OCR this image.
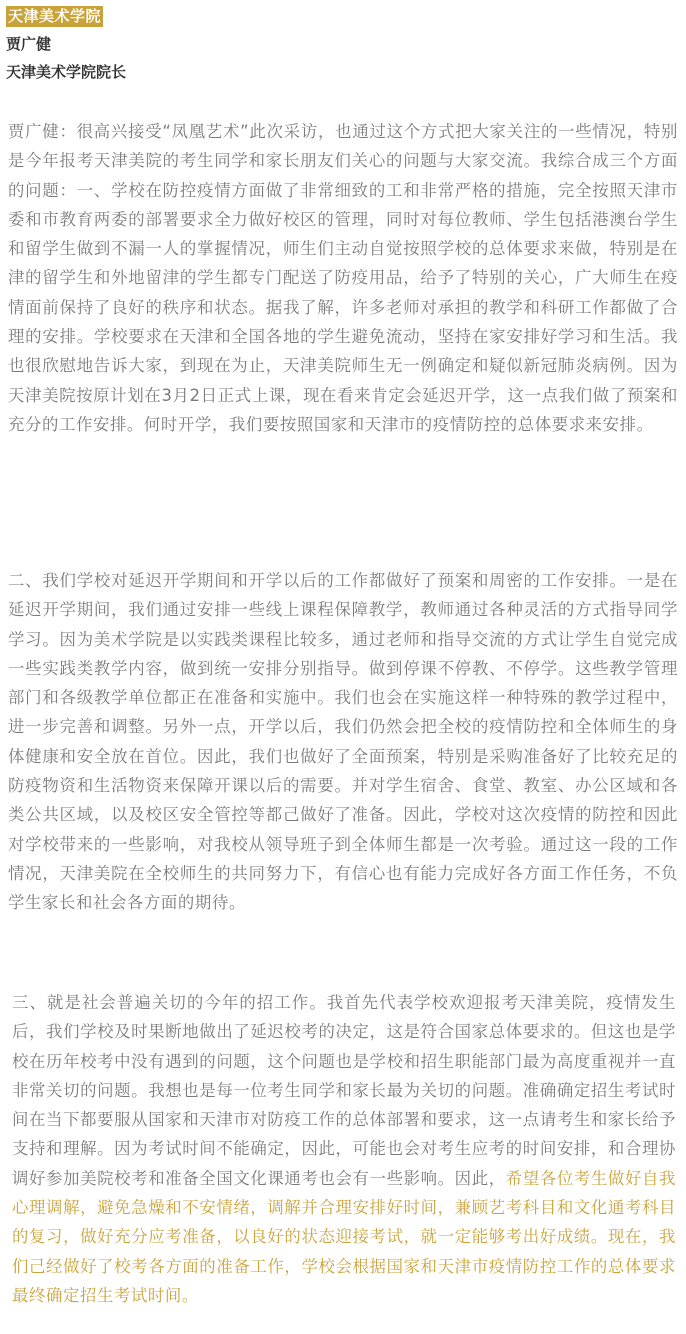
天津美术学院
贾广健
天津美术学院院长

贾广健：很高兴接受“凤凰艺术”此次采访，也通过这个方式把大家关注的一些情况，特别是今年报考天津美院的考生同学和家长朋友们关心的问题与大家交流。我综合成三个方面的问题：一、学校在防控疫情方面做了非常细致的工和非常严格的措施，完全按照天津市委和市教育两委的部署要求全力做好校区的管理，同时对每位教师、学生包括港澳台学生和留学生做到不漏一人的掌握情况，师生们主动自觉按照学校的总体要求来做，特别是在津的留学生和外地留津的学生都专门配送了防疫用品，给予了特别的关心，广大师生在疫情面前保持了良好的秩序和状态。据我了解，许多老师对承担的教学和科研工作都做了合理的安排。学校要求在天津和全国各地的学生避免流动，坚持在家安排好学习和生活。我也很欣慰地告诉大家，到现在为止，天津美院师生无一例确定和疑似新冠肺炎病例。因为天津美院按原计划在3月2日正式上课，现在看来肯定会延迟开学，这一点我们做了预案和充分的工作安排。何时开学，我们要按照国家和天津市的疫情防控的总体要求来安排。

二、我们学校对延迟开学期间和开学以后的工作都做好了预案和周密的工作安排。一是在延迟开学期间，我们通过安排一些线上课程保障教学，教师通过各种灵活的方式指导同学学习。因为美术学院是以实践类课程比较多，通过老师和指导交流的方式让学生自觉完成一些实践类教学内容，做到统一安排分别指导。做到停课不停教、不停学。这些教学管理部门和各级教学单位都正在准备和实施中。我们也会在实施这样一种特殊的教学过程中，进一步完善和调整。另外一点，开学以后，我们仍然会把全校的疫情防控和全体师生的身体健康和安全放在首位。因此，我们也做好了全面预案，特别是采购准备好了比较充足的防疫物资和生活物资来保障开课以后的需要。并对学生宿舍、食堂、教室、办公区域和各类公共区域，以及校区安全管控等都己做好了准备。因此，学校对这次疫情的防控和因此对学校带来的一些影响，对我校从领导班子到全体师生都是一次考验。通过这一段的工作情况，天津美院在全校师生的共同努力下，有信心也有能力完成好各方面工作任务，不负学生家长和社会各方面的期待。

三、就是社会普遍关切的今年的招工作。我首先代表学校欢迎报考天津美院，疫情发生后，我们学校及时果断地做出了延迟校考的决定，这是符合国家总体要求的。但这也是学校在历年校考中没有遇到的问题，这个问题也是学校和招生职能部门最为高度重视并一直非常关切的问题。我想也是每一位考生同学和家长最为关切的问题。准确确定招生考试时间在当下都要服从国家和天津市对防疫工作的总体部署和要求，这一点请考生和家长给予支持和理解。因为考试时间不能确定，因此，可能也会对考生应考的时间安排，和合理协调好参加美院校考和准备全国文化课通考也会有一些影响。因此，希望各位考生做好自我心理调解，避免急燥和不安情绪，调解并合理安排好时间，兼顾艺考科目和文化通考科目的复习，做好充分应考准备，以良好的状态迎接考试，就一定能够考出好成绩。现在，我们己经做好了校考各方面的准备工作，学校会根据国家和天津市疫情防控工作的总体要求最终确定招生考试时间。
